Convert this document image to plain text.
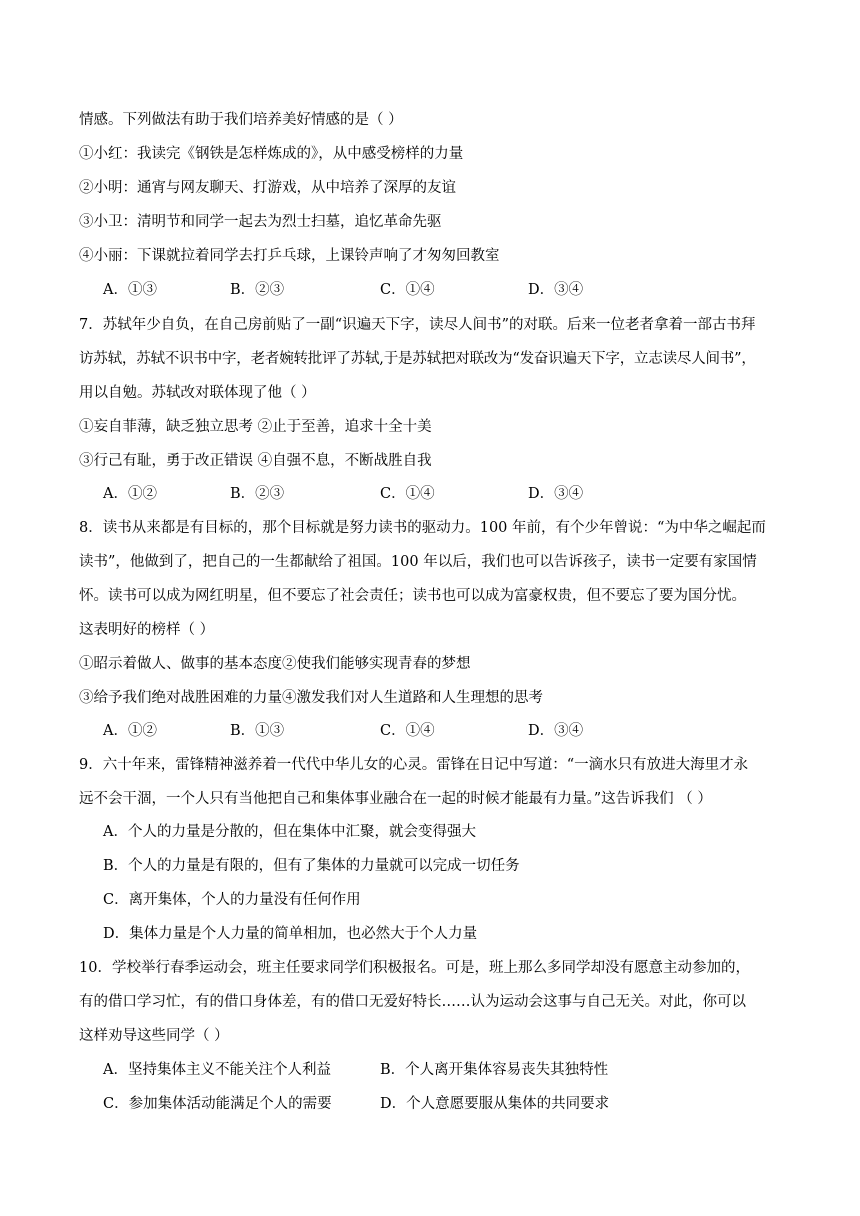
情感。下列做法有助于我们培养美好情感的是（ ）
①小红：我读完《钢铁是怎样炼成的》，从中感受榜样的力量
②小明：通宵与网友聊天、打游戏，从中培养了深厚的友谊
③小卫：清明节和同学一起去为烈士扫墓，追忆革命先驱
④小丽：下课就拉着同学去打乒乓球，上课铃声响了才匆匆回教室
A．①③	B．②③	C．①④	D．③④
7．苏轼年少自负，在自己房前贴了一副“识遍天下字，读尽人间书”的对联。后来一位老者拿着一部古书拜
访苏轼，苏轼不识书中字，老者婉转批评了苏轼,于是苏轼把对联改为“发奋识遍天下字，立志读尽人间书”，
用以自勉。苏轼改对联体现了他（ ）
①妄自菲薄，缺乏独立思考 ②止于至善，追求十全十美
③行己有耻，勇于改正错误 ④自强不息，不断战胜自我
A．①②	B．②③	C．①④	D．③④
8．读书从来都是有目标的，那个目标就是努力读书的驱动力。100 年前，有个少年曾说：“为中华之崛起而
读书”，他做到了，把自己的一生都献给了祖国。100 年以后，我们也可以告诉孩子，读书一定要有家国情
怀。读书可以成为网红明星，但不要忘了社会责任；读书也可以成为富豪权贵，但不要忘了要为国分忧。
这表明好的榜样（ ）
①昭示着做人、做事的基本态度②使我们能够实现青春的梦想
③给予我们绝对战胜困难的力量④激发我们对人生道路和人生理想的思考
A．①②	B．①③	C．①④	D．③④
9．六十年来，雷锋精神滋养着一代代中华儿女的心灵。雷锋在日记中写道：“一滴水只有放进大海里才永
远不会干涸，一个人只有当他把自己和集体事业融合在一起的时候才能最有力量。”这告诉我们 （ ）
A．个人的力量是分散的，但在集体中汇聚，就会变得强大
B．个人的力量是有限的，但有了集体的力量就可以完成一切任务
C．离开集体，个人的力量没有任何作用
D．集体力量是个人力量的简单相加，也必然大于个人力量
10．学校举行春季运动会，班主任要求同学们积极报名。可是，班上那么多同学却没有愿意主动参加的，
有的借口学习忙，有的借口身体差，有的借口无爱好特长……认为运动会这事与自己无关。对此，你可以
这样劝导这些同学（ ）
A．坚持集体主义不能关注个人利益	B．个人离开集体容易丧失其独特性
C．参加集体活动能满足个人的需要	D．个人意愿要服从集体的共同要求
